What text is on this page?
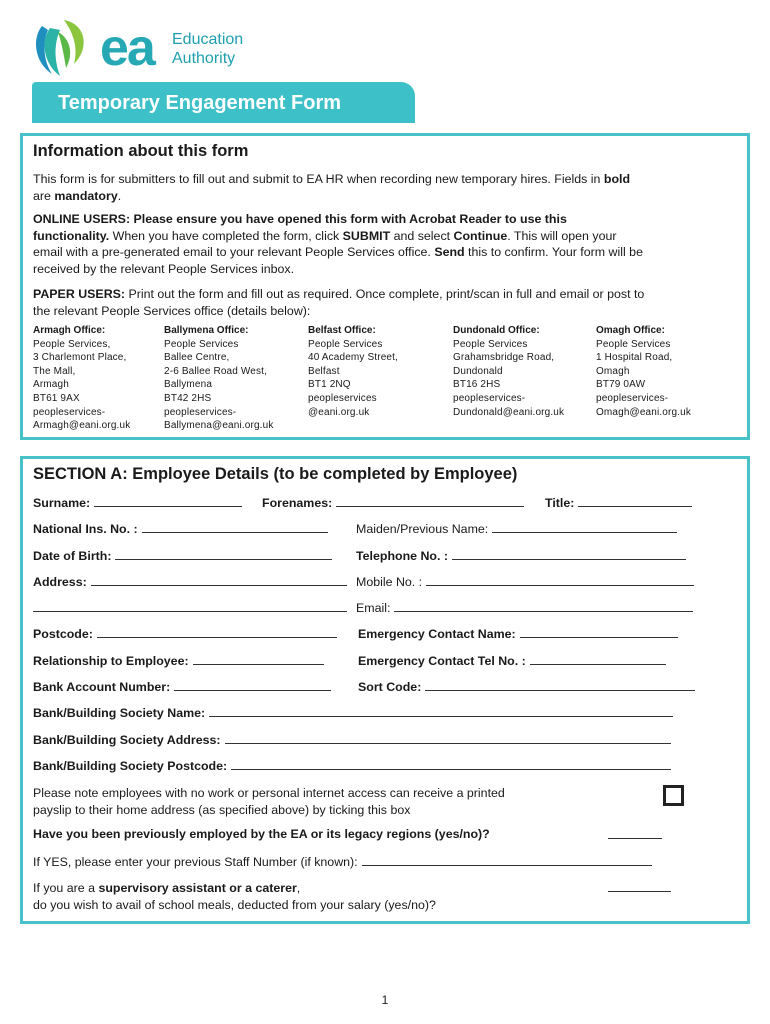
ea Education
Authority
Temporary Engagement Form
Information about this form
This form is for submitters to fill out and submit to EA HR when recording new temporary hires. Fields in bold
are mandatory.
ONLINE USERS: Please ensure you have opened this form with Acrobat Reader to use this
functionality. When you have completed the form, click SUBMIT and select Continue. This will open your
email with a pre-generated email to your relevant People Services office. Send this to confirm. Your form will be
received by the relevant People Services inbox.
PAPER USERS: Print out the form and fill out as required. Once complete, print/scan in full and email or post to
the relevant People Services office (details below):
Armagh Office:
People Services,
3 Charlemont Place,
The Mall,
Armagh
BT61 9AX
peopleservices-
Armagh@eani.org.uk
Ballymena Office:
People Services
Ballee Centre,
2-6 Ballee Road West,
Ballymena
BT42 2HS
peopleservices-
Ballymena@eani.org.uk
Belfast Office:
People Services
40 Academy Street,
Belfast
BT1 2NQ
peopleservices
@eani.org.uk
Dundonald Office:
People Services
Grahamsbridge Road,
Dundonald
BT16 2HS
peopleservices-
Dundonald@eani.org.uk
Omagh Office:
People Services
1 Hospital Road,
Omagh
BT79 0AW
peopleservices-
Omagh@eani.org.uk
SECTION A: Employee Details (to be completed by Employee)
Surname:	Forenames:	Title:
National Ins. No. :	Maiden/Previous Name:
Date of Birth:	Telephone No. :
Address:	Mobile No. :
Email:
Postcode:	Emergency Contact Name:
Relationship to Employee:	Emergency Contact Tel No. :
Bank Account Number:	Sort Code:
Bank/Building Society Name:
Bank/Building Society Address:
Bank/Building Society Postcode:
Please note employees with no work or personal internet access can receive a printed
payslip to their home address (as specified above) by ticking this box
Have you been previously employed by the EA or its legacy regions (yes/no)?
If YES, please enter your previous Staff Number (if known):
If you are a supervisory assistant or a caterer,
do you wish to avail of school meals, deducted from your salary (yes/no)?
1
